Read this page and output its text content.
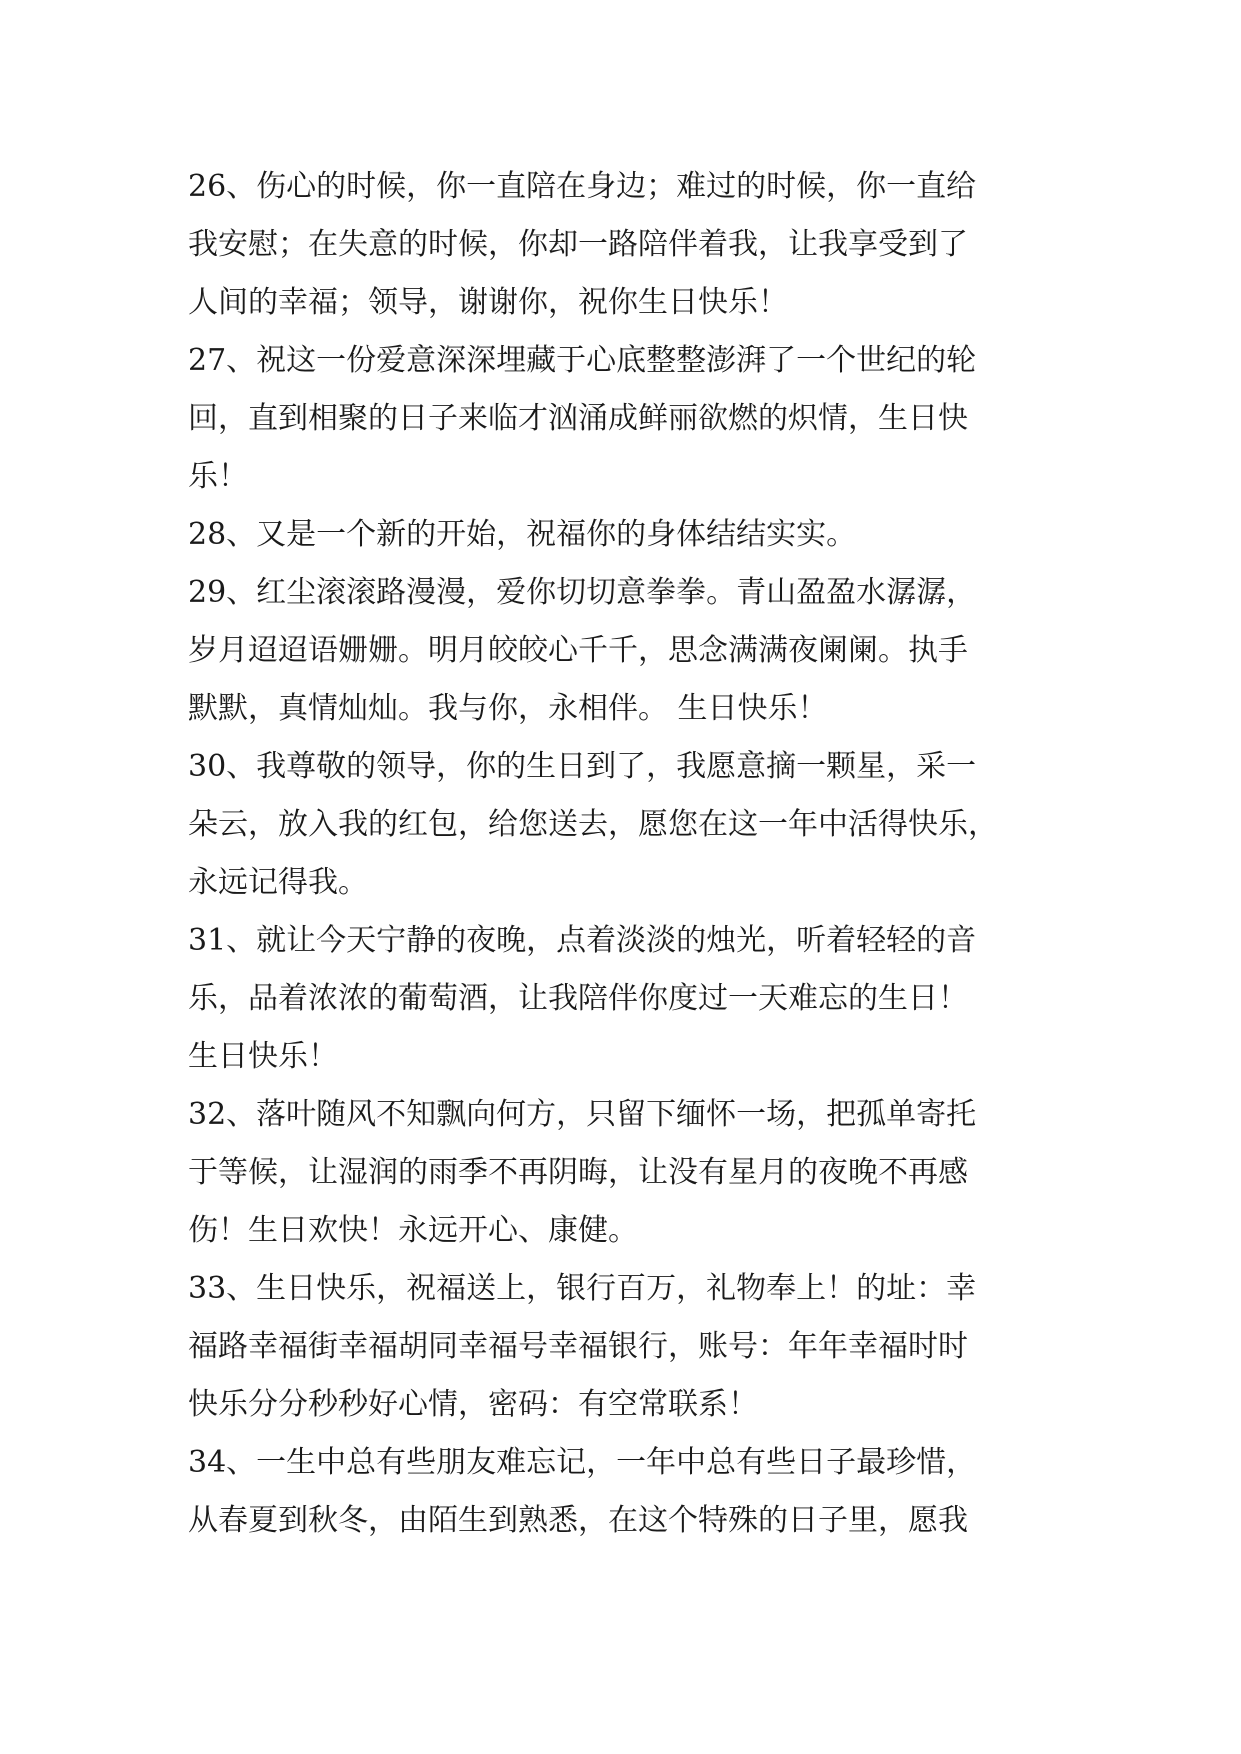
26、伤心的时候，你一直陪在身边；难过的时候，你一直给
我安慰；在失意的时候，你却一路陪伴着我，让我享受到了
人间的幸福；领导，谢谢你，祝你生日快乐！
27、祝这一份爱意深深埋藏于心底整整澎湃了一个世纪的轮
回，直到相聚的日子来临才汹涌成鲜丽欲燃的炽情，生日快
乐！
28、又是一个新的开始，祝福你的身体结结实实。
29、红尘滚滚路漫漫，爱你切切意拳拳。青山盈盈水潺潺，
岁月迢迢语姗姗。明月皎皎心千千，思念满满夜阑阑。执手
默默，真情灿灿。我与你，永相伴。 生日快乐！
30、我尊敬的领导，你的生日到了，我愿意摘一颗星，采一
朵云，放入我的红包，给您送去，愿您在这一年中活得快乐，
永远记得我。
31、就让今天宁静的夜晚，点着淡淡的烛光，听着轻轻的音
乐，品着浓浓的葡萄酒，让我陪伴你度过一天难忘的生日！
生日快乐！
32、落叶随风不知飘向何方，只留下缅怀一场，把孤单寄托
于等候，让湿润的雨季不再阴晦，让没有星月的夜晚不再感
伤！生日欢快！永远开心、康健。
33、生日快乐，祝福送上，银行百万，礼物奉上！的址：幸
福路幸福街幸福胡同幸福号幸福银行，账号：年年幸福时时
快乐分分秒秒好心情，密码：有空常联系！
34、一生中总有些朋友难忘记，一年中总有些日子最珍惜，
从春夏到秋冬，由陌生到熟悉，在这个特殊的日子里，愿我
